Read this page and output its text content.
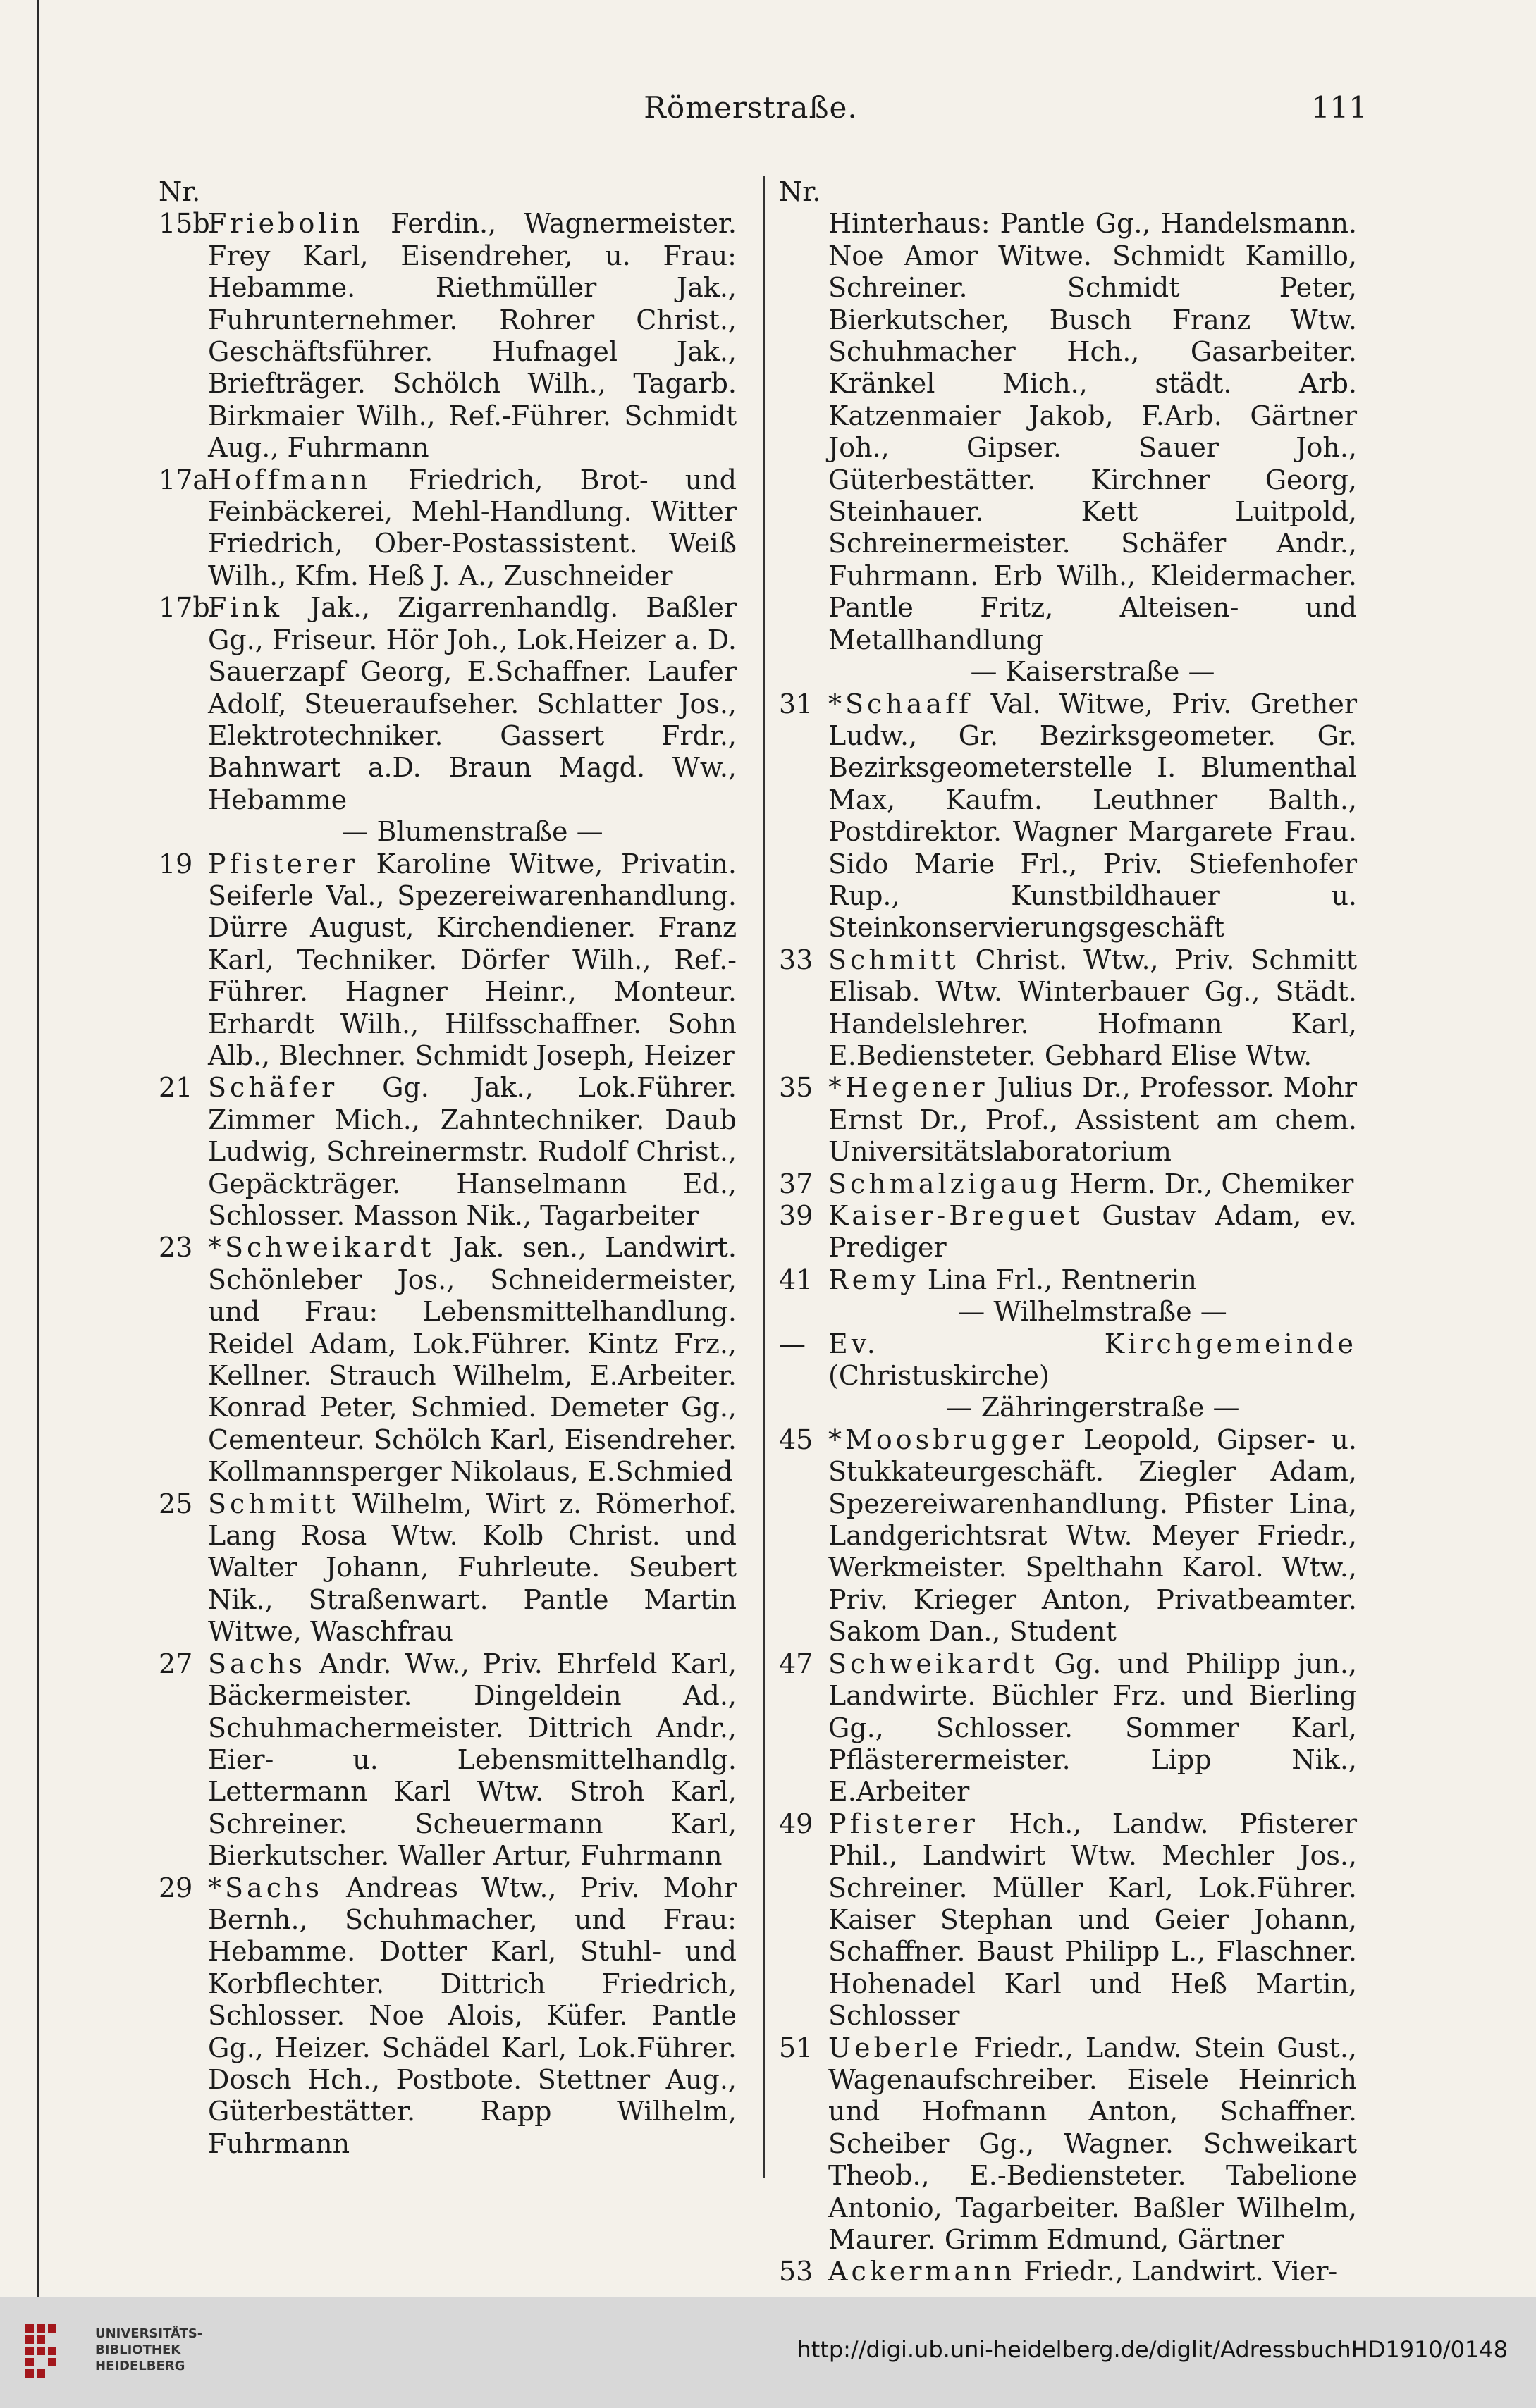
Römerstraße.	111
Nr.
15b
Friebolin Ferdin., Wagnermeister. Frey Karl, Eisendreher, u. Frau: Hebamme. Riethmüller Jak., Fuhrunternehmer. Rohrer Christ., Geschäftsführer. Hufnagel Jak., Briefträger. Schölch Wilh., Tagarb. Birkmaier Wilh., Ref.-Führer. Schmidt Aug., Fuhrmann
17a
Hoffmann Friedrich, Brot- und Feinbäckerei, Mehl-Handlung. Witter Friedrich, Ober-Postassistent. Weiß Wilh., Kfm. Heß J. A., Zuschneider
17b
Fink Jak., Zigarrenhandlg. Baßler Gg., Friseur. Hör Joh., Lok.Heizer a. D. Sauerzapf Georg, E.Schaffner. Laufer Adolf, Steueraufseher. Schlatter Jos., Elektrotechniker. Gassert Frdr., Bahnwart a.D. Braun Magd. Ww., Hebamme
— Blumenstraße —
19 Pfisterer Karoline Witwe, Privatin. Seiferle Val., Spezereiwarenhandlung. Dürre August, Kirchendiener. Franz Karl, Techniker. Dörfer Wilh., Ref.-Führer. Hagner Heinr., Monteur. Erhardt Wilh., Hilfsschaffner. Sohn Alb., Blechner. Schmidt Joseph, Heizer
21 Schäfer Gg. Jak., Lok.Führer. Zimmer Mich., Zahntechniker. Daub Ludwig, Schreinermstr. Rudolf Christ., Gepäckträger. Hanselmann Ed., Schlosser. Masson Nik., Tagarbeiter
23 *Schweikardt Jak. sen., Landwirt. Schönleber Jos., Schneidermeister, und Frau: Lebensmittelhandlung. Reidel Adam, Lok.Führer. Kintz Frz., Kellner. Strauch Wilhelm, E.Arbeiter. Konrad Peter, Schmied. Demeter Gg., Cementeur. Schölch Karl, Eisendreher. Kollmannsperger Nikolaus, E.Schmied
25 Schmitt Wilhelm, Wirt z. Römerhof. Lang Rosa Wtw. Kolb Christ. und Walter Johann, Fuhrleute. Seubert Nik., Straßenwart. Pantle Martin Witwe, Waschfrau
27 Sachs Andr. Ww., Priv. Ehrfeld Karl, Bäckermeister. Dingeldein Ad., Schuhmachermeister. Dittrich Andr., Eier- u. Lebensmittelhandlg. Lettermann Karl Wtw. Stroh Karl, Schreiner. Scheuermann Karl, Bierkutscher. Waller Artur, Fuhrmann
29 *Sachs Andreas Wtw., Priv. Mohr Bernh., Schuhmacher, und Frau: Hebamme. Dotter Karl, Stuhl- und Korbflechter. Dittrich Friedrich, Schlosser. Noe Alois, Küfer. Pantle Gg., Heizer. Schädel Karl, Lok.Führer. Dosch Hch., Postbote. Stettner Aug., Güterbestätter. Rapp Wilhelm, Fuhrmann
Nr.
Hinterhaus: Pantle Gg., Handelsmann. Noe Amor Witwe. Schmidt Kamillo, Schreiner. Schmidt Peter, Bierkutscher, Busch Franz Wtw. Schuhmacher Hch., Gasarbeiter. Kränkel Mich., städt. Arb. Katzenmaier Jakob, F.Arb. Gärtner Joh., Gipser. Sauer Joh., Güterbestätter. Kirchner Georg, Steinhauer. Kett Luitpold, Schreinermeister. Schäfer Andr., Fuhrmann. Erb Wilh., Kleidermacher. Pantle Fritz, Alteisen- und Metallhandlung
— Kaiserstraße —
31 *Schaaff Val. Witwe, Priv. Grether Ludw., Gr. Bezirksgeometer. Gr. Bezirksgeometerstelle I. Blumenthal Max, Kaufm. Leuthner Balth., Postdirektor. Wagner Margarete Frau. Sido Marie Frl., Priv. Stiefenhofer Rup., Kunstbildhauer u. Steinkonservierungsgeschäft
33 Schmitt Christ. Wtw., Priv. Schmitt Elisab. Wtw. Winterbauer Gg., Städt. Handelslehrer. Hofmann Karl, E.Bediensteter. Gebhard Elise Wtw.
35 *Hegener Julius Dr., Professor. Mohr Ernst Dr., Prof., Assistent am chem. Universitätslaboratorium
37 Schmalzigaug Herm. Dr., Chemiker
39 Kaiser-Breguet Gustav Adam, ev. Prediger
41 Remy Lina Frl., Rentnerin
— Wilhelmstraße —
— Ev. Kirchgemeinde (Christuskirche)
— Zähringerstraße —
45 *Moosbrugger Leopold, Gipser- u. Stukkateurgeschäft. Ziegler Adam, Spezereiwarenhandlung. Pfister Lina, Landgerichtsrat Wtw. Meyer Friedr., Werkmeister. Spelthahn Karol. Wtw., Priv. Krieger Anton, Privatbeamter. Sakom Dan., Student
47 Schweikardt Gg. und Philipp jun., Landwirte. Büchler Frz. und Bierling Gg., Schlosser. Sommer Karl, Pflästerermeister. Lipp Nik., E.Arbeiter
49 Pfisterer Hch., Landw. Pfisterer Phil., Landwirt Wtw. Mechler Jos., Schreiner. Müller Karl, Lok.Führer. Kaiser Stephan und Geier Johann, Schaffner. Baust Philipp L., Flaschner. Hohenadel Karl und Heß Martin, Schlosser
51 Ueberle Friedr., Landw. Stein Gust., Wagenaufschreiber. Eisele Heinrich und Hofmann Anton, Schaffner. Scheiber Gg., Wagner. Schweikart Theob., E.-Bediensteter. Tabelione Antonio, Tagarbeiter. Baßler Wilhelm, Maurer. Grimm Edmund, Gärtner
53 Ackermann Friedr., Landwirt. Vier-
UNIVERSITÄTS-
BIBLIOTHEK
HEIDELBERG
http://digi.ub.uni-heidelberg.de/diglit/AdressbuchHD1910/0148
